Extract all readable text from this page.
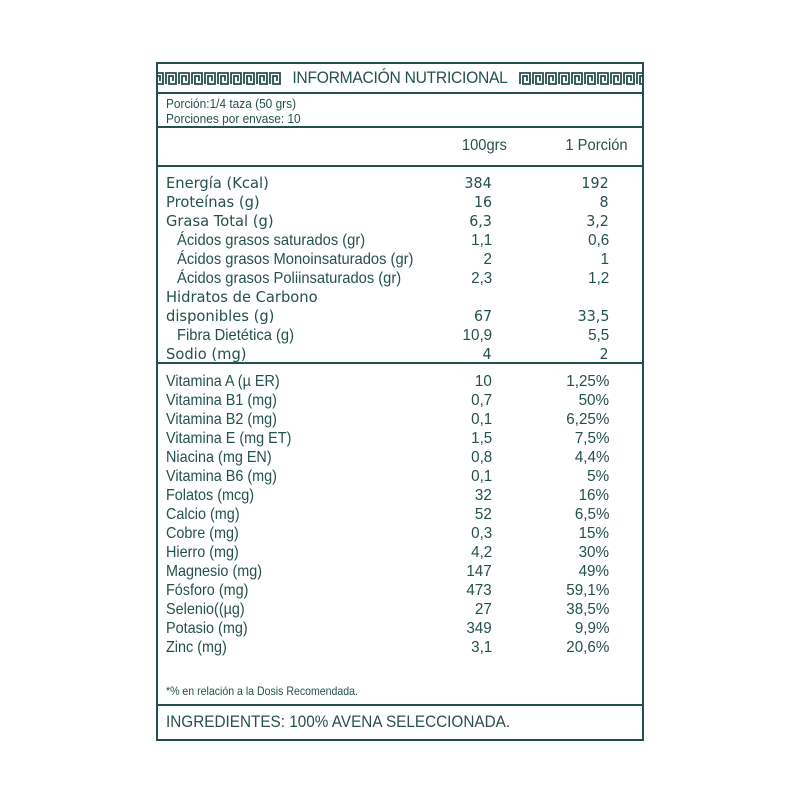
INFORMACIÓN NUTRICIONAL
Porción:1/4 taza (50 grs)
Porciones por envase: 10
100grs	1 Porción
Energía (Kcal)	384	192
Proteínas (g)	16	8
Grasa Total (g)	6,3	3,2
Ácidos grasos saturados (gr)	1,1	0,6
Ácidos grasos Monoinsaturados (gr)	2	1
Ácidos grasos Poliinsaturados (gr)	2,3	1,2
Hidratos de Carbono
disponibles (g)	67	33,5
Fibra Dietética (g)	10,9	5,5
Sodio (mg)	4	2
Vitamina A (µ ER)	10	1,25%
Vitamina B1 (mg)	0,7	50%
Vitamina B2 (mg)	0,1	6,25%
Vitamina E (mg ET)	1,5	7,5%
Niacina (mg EN)	0,8	4,4%
Vitamina B6 (mg)	0,1	5%
Folatos (mcg)	32	16%
Calcio (mg)	52	6,5%
Cobre (mg)	0,3	15%
Hierro (mg)	4,2	30%
Magnesio (mg)	147	49%
Fósforo (mg)	473	59,1%
Selenio((µg)	27	38,5%
Potasio (mg)	349	9,9%
Zinc (mg)	3,1	20,6%
*% en relación a la Dosis Recomendada.
INGREDIENTES: 100% AVENA SELECCIONADA.
